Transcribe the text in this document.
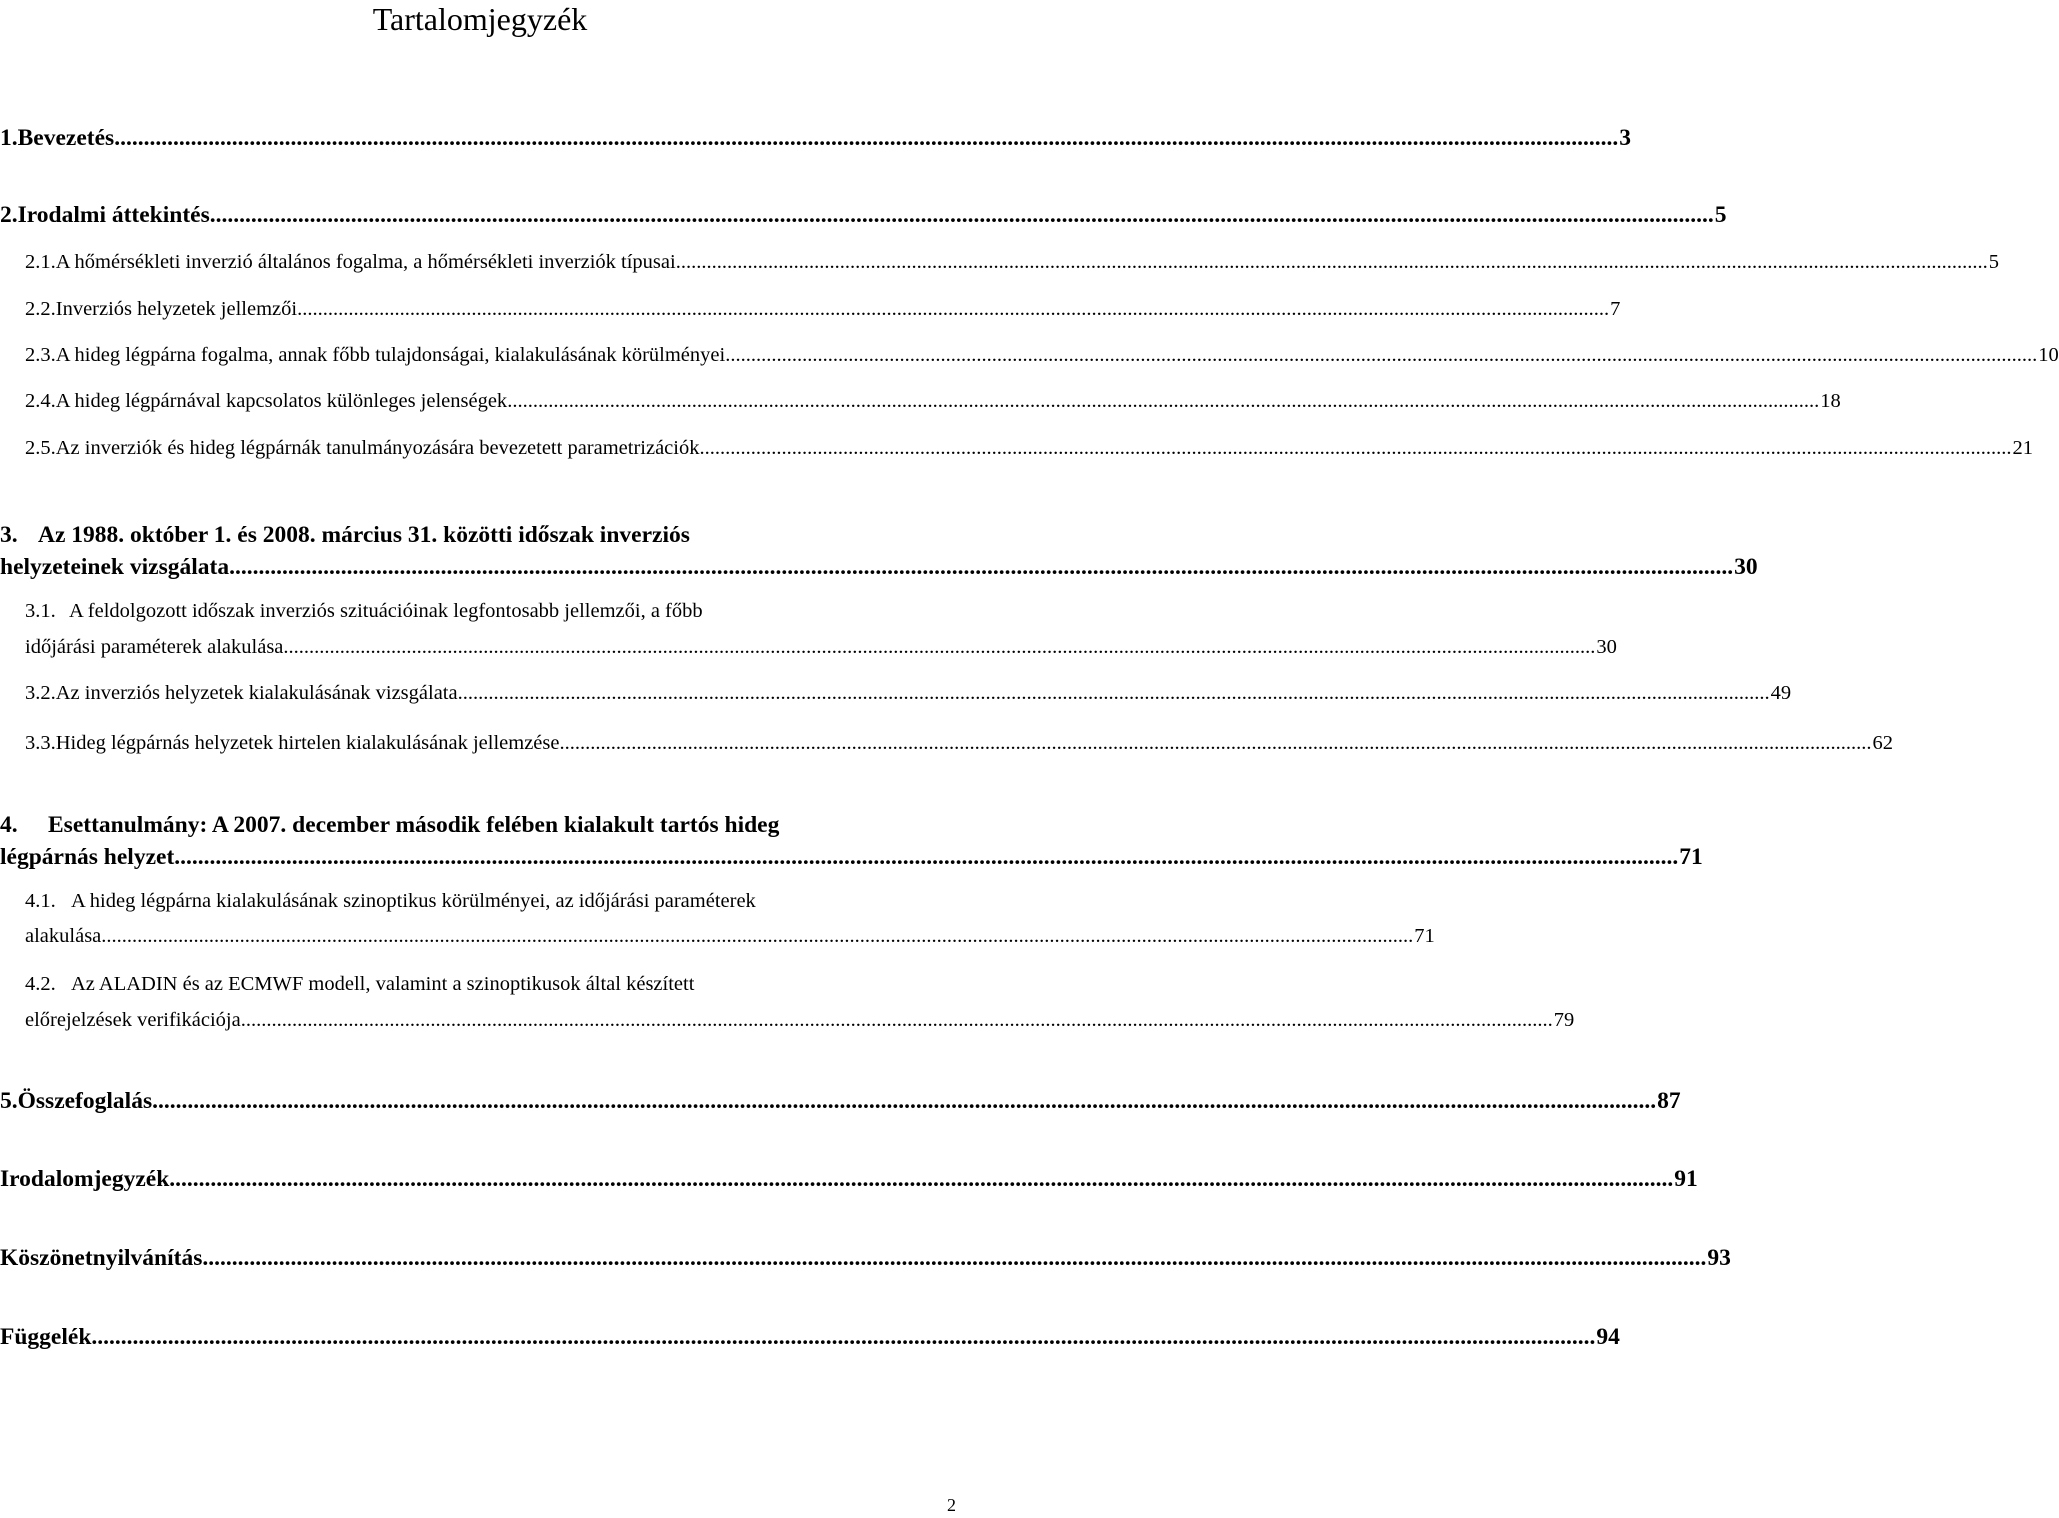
Tartalomjegyzék
1. Bevezetés .....	3
2. Irodalmi áttekintés .....	5
2.1. A hőmérsékleti inverzió általános fogalma, a hőmérsékleti inverziók típusai .....	5
2.2. Inverziós helyzetek jellemzői .....	7
2.3. A hideg légpárna fogalma, annak főbb tulajdonságai, kialakulásának körülményei .....	10
2.4. A hideg légpárnával kapcsolatos különleges jelenségek .....	18
2.5. Az inverziók és hideg légpárnák tanulmányozására bevezetett parametrizációk .....	21
3. Az 1988. október 1. és 2008. március 31. közötti időszak inverziós
helyzeteinek vizsgálata .....	30
3.1. A feldolgozott időszak inverziós szituációinak legfontosabb jellemzői, a főbb
időjárási paraméterek alakulása .....	30
3.2. Az inverziós helyzetek kialakulásának vizsgálata .....	49
3.3. Hideg légpárnás helyzetek hirtelen kialakulásának jellemzése .....	62
4. Esettanulmány: A 2007. december második felében kialakult tartós hideg
légpárnás helyzet .....	71
4.1. A hideg légpárna kialakulásának szinoptikus körülményei, az időjárási paraméterek
alakulása .....	71
4.2. Az ALADIN és az ECMWF modell, valamint a szinoptikusok által készített
előrejelzések verifikációja .....	79
5. Összefoglalás .....	87
Irodalomjegyzék .....	91
Köszönetnyilvánítás .....	93
Függelék .....	94
2
